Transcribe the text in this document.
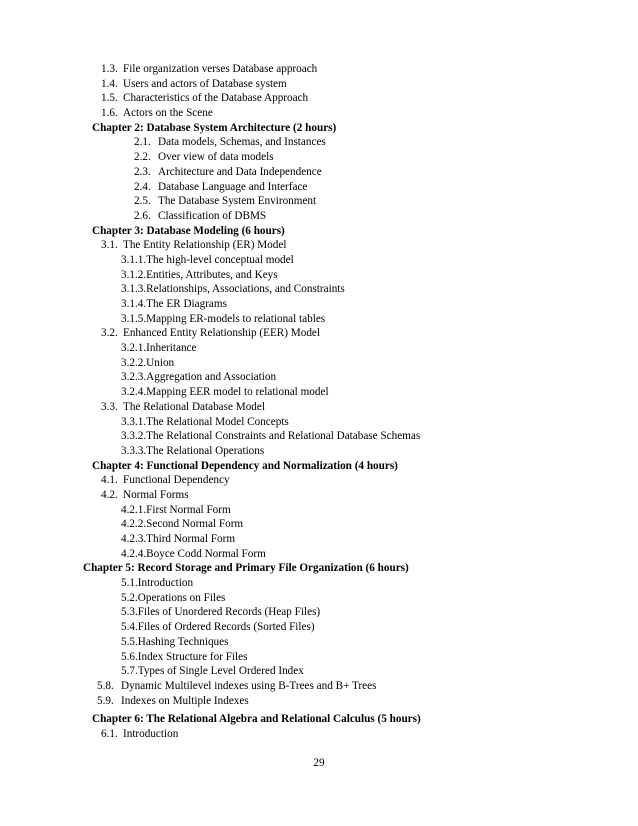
1.3. File organization verses Database approach
1.4. Users and actors of Database system
1.5. Characteristics of the Database Approach
1.6. Actors on the Scene
Chapter 2: Database System Architecture (2 hours)
2.1. Data models, Schemas, and Instances
2.2. Over view of data models
2.3. Architecture and Data Independence
2.4. Database Language and Interface
2.5. The Database System Environment
2.6. Classification of DBMS
Chapter 3: Database Modeling (6 hours)
3.1. The Entity Relationship (ER) Model
3.1.1.The high-level conceptual model
3.1.2.Entities, Attributes, and Keys
3.1.3.Relationships, Associations, and Constraints
3.1.4.The ER Diagrams
3.1.5.Mapping ER-models to relational tables
3.2. Enhanced Entity Relationship (EER) Model
3.2.1.Inheritance
3.2.2.Union
3.2.3.Aggregation and Association
3.2.4.Mapping EER model to relational model
3.3. The Relational Database Model
3.3.1.The Relational Model Concepts
3.3.2.The Relational Constraints and Relational Database Schemas
3.3.3.The Relational Operations
Chapter 4: Functional Dependency and Normalization (4 hours)
4.1. Functional Dependency
4.2. Normal Forms
4.2.1.First Normal Form
4.2.2.Second Normal Form
4.2.3.Third Normal Form
4.2.4.Boyce Codd Normal Form
Chapter 5: Record Storage and Primary File Organization (6 hours)
5.1.Introduction
5.2.Operations on Files
5.3.Files of Unordered Records (Heap Files)
5.4.Files of Ordered Records (Sorted Files)
5.5.Hashing Techniques
5.6.Index Structure for Files
5.7.Types of Single Level Ordered Index
5.8. Dynamic Multilevel indexes using B-Trees and B+ Trees
5.9. Indexes on Multiple Indexes
Chapter 6: The Relational Algebra and Relational Calculus (5 hours)
6.1. Introduction
29
